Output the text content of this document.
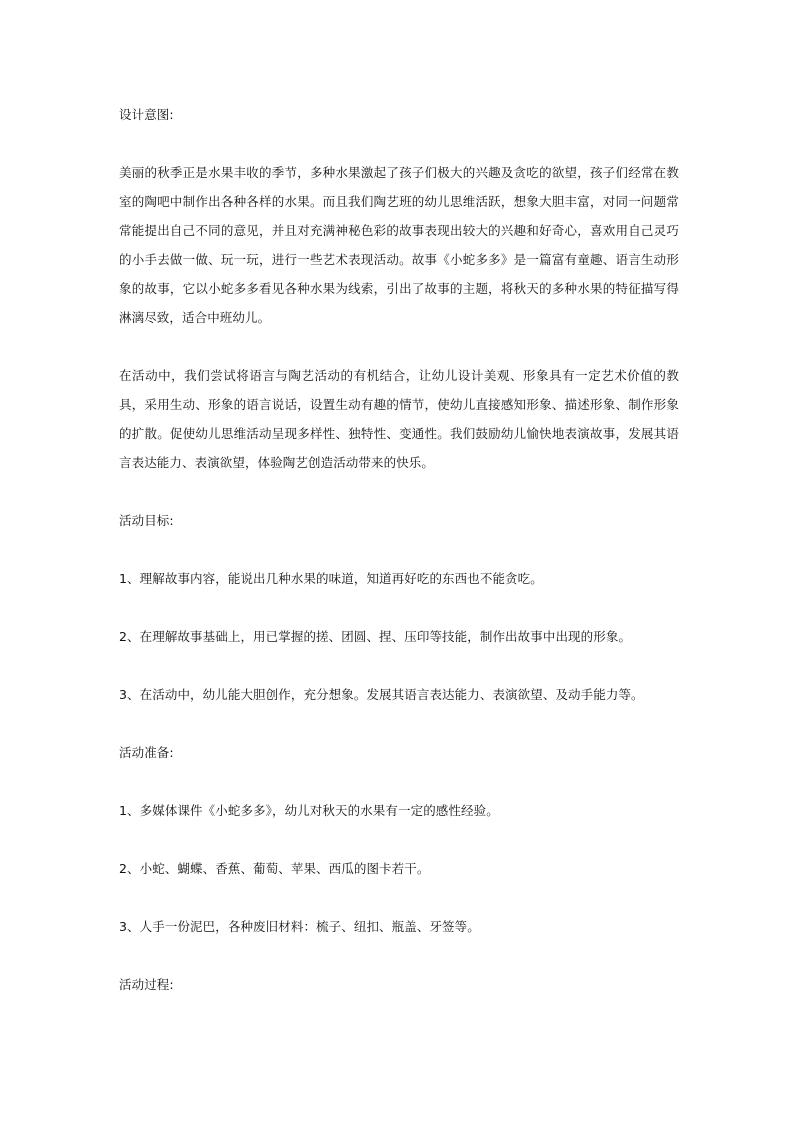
设计意图:

美丽的秋季正是水果丰收的季节，多种水果激起了孩子们极大的兴趣及贪吃的欲望，孩子们经常在教室的陶吧中制作出各种各样的水果。而且我们陶艺班的幼儿思维活跃，想象大胆丰富，对同一问题常常能提出自己不同的意见，并且对充满神秘色彩的故事表现出较大的兴趣和好奇心，喜欢用自己灵巧的小手去做一做、玩一玩，进行一些艺术表现活动。故事《小蛇多多》是一篇富有童趣、语言生动形象的故事，它以小蛇多多看见各种水果为线索，引出了故事的主题，将秋天的多种水果的特征描写得淋漓尽致，适合中班幼儿。

在活动中，我们尝试将语言与陶艺活动的有机结合，让幼儿设计美观、形象具有一定艺术价值的教具，采用生动、形象的语言说话，设置生动有趣的情节，使幼儿直接感知形象、描述形象、制作形象的扩散。促使幼儿思维活动呈现多样性、独特性、变通性。我们鼓励幼儿愉快地表演故事，发展其语言表达能力、表演欲望，体验陶艺创造活动带来的快乐。

活动目标:

1、理解故事内容，能说出几种水果的味道，知道再好吃的东西也不能贪吃。

2、在理解故事基础上，用已掌握的搓、团圆、捏、压印等技能，制作出故事中出现的形象。

3、在活动中，幼儿能大胆创作，充分想象。发展其语言表达能力、表演欲望、及动手能力等。

活动准备:

1、多媒体课件《小蛇多多》，幼儿对秋天的水果有一定的感性经验。

2、小蛇、蝴蝶、香蕉、葡萄、苹果、西瓜的图卡若干。

3、人手一份泥巴，各种废旧材料：梳子、纽扣、瓶盖、牙签等。

活动过程:
